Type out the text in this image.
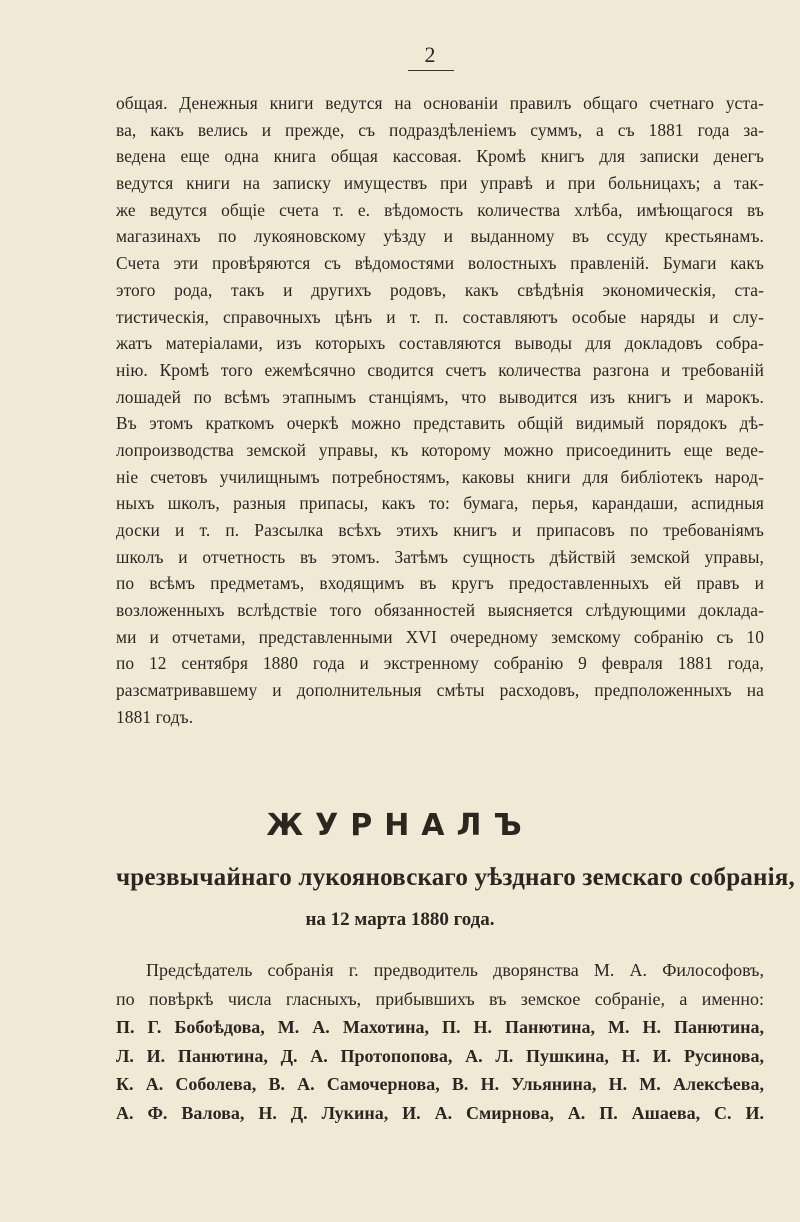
2
общая. Денежныя книги ведутся на основаніи правилъ общаго счетнаго уста-
ва, какъ велись и прежде, съ подраздѣленіемъ суммъ, а съ 1881 года за-
ведена еще одна книга общая кассовая. Кромѣ книгъ для записки денегъ
ведутся книги на записку имуществъ при управѣ и при больницахъ; а так-
же ведутся общіе счета т. е. вѣдомость количества хлѣба, имѣющагося въ
магазинахъ по лукояновскому уѣзду и выданному въ ссуду крестьянамъ.
Счета эти провѣряются съ вѣдомостями волостныхъ правленій. Бумаги какъ
этого рода, такъ и другихъ родовъ, какъ свѣдѣнія экономическія, ста-
тистическія, справочныхъ цѣнъ и т. п. составляютъ особые наряды и слу-
жатъ матеріалами, изъ которыхъ составляются выводы для докладовъ собра-
нію. Кромѣ того ежемѣсячно сводится счетъ количества разгона и требованій
лошадей по всѣмъ этапнымъ станціямъ, что выводится изъ книгъ и марокъ.
Въ этомъ краткомъ очеркѣ можно представить общій видимый порядокъ дѣ-
лопроизводства земской управы, къ которому можно присоединить еще веде-
ніе счетовъ училищнымъ потребностямъ, каковы книги для библіотекъ народ-
ныхъ школъ, разныя припасы, какъ то: бумага, перья, карандаши, аспидныя
доски и т. п. Разсылка всѣхъ этихъ книгъ и припасовъ по требованіямъ
школъ и отчетность въ этомъ. Затѣмъ сущность дѣйствій земской управы,
по всѣмъ предметамъ, входящимъ въ кругъ предоставленныхъ ей правъ и
возложенныхъ вслѣдствіе того обязанностей выясняется слѣдующими доклада-
ми и отчетами, представленными XVI очередному земскому собранію съ 10
по 12 сентября 1880 года и экстренному собранію 9 февраля 1881 года,
разсматривавшему и дополнительныя смѣты расходовъ, предположенныхъ на
1881 годъ.
ЖУРНАЛЪ
чрезвычайнаго лукояновскаго уѣзднаго земскаго собранія,
на 12 марта 1880 года.
Предсѣдатель собранія г. предводитель дворянства М. А. Философовъ,
по повѣркѣ числа гласныхъ, прибывшихъ въ земское собраніе, а именно:
П. Г. Бобоѣдова, М. А. Махотина, П. Н. Панютина, М. Н. Панютина,
Л. И. Панютина, Д. А. Протопопова, А. Л. Пушкина, Н. И. Русинова,
К. А. Соболева, В. А. Самочернова, В. Н. Ульянина, Н. М. Алексѣева,
А. Ф. Валова, Н. Д. Лукина, И. А. Смирнова, А. П. Ашаева, С. И.
